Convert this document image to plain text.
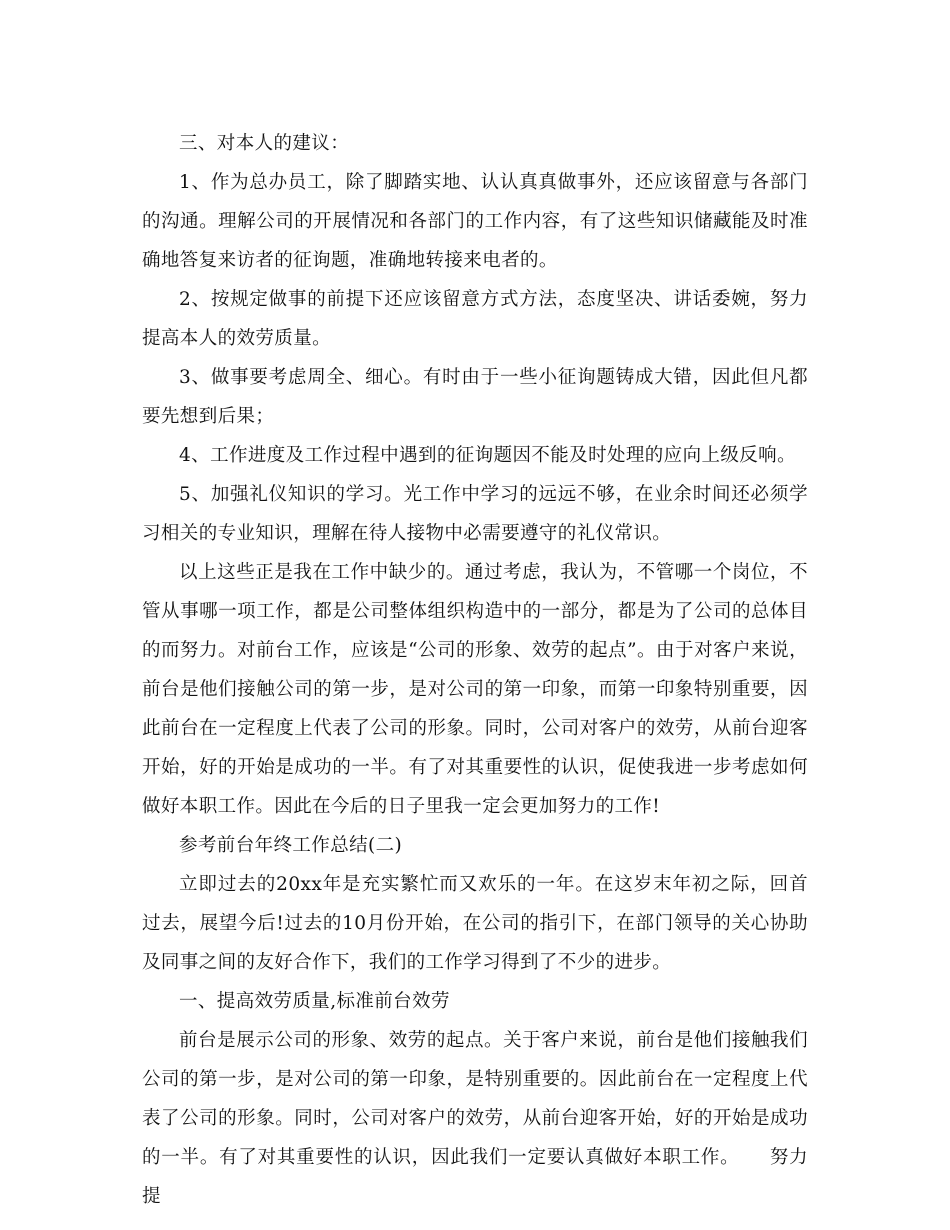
三、对本人的建议：

1、作为总办员工，除了脚踏实地、认认真真做事外，还应该留意与各部门的沟通。理解公司的开展情况和各部门的工作内容，有了这些知识储藏能及时准确地答复来访者的征询题，准确地转接来电者的。

2、按规定做事的前提下还应该留意方式方法，态度坚决、讲话委婉，努力提高本人的效劳质量。

3、做事要考虑周全、细心。有时由于一些小征询题铸成大错，因此但凡都要先想到后果；

4、工作进度及工作过程中遇到的征询题因不能及时处理的应向上级反响。

5、加强礼仪知识的学习。光工作中学习的远远不够，在业余时间还必须学习相关的专业知识，理解在待人接物中必需要遵守的礼仪常识。

以上这些正是我在工作中缺少的。通过考虑，我认为，不管哪一个岗位，不管从事哪一项工作，都是公司整体组织构造中的一部分，都是为了公司的总体目的而努力。对前台工作，应该是“公司的形象、效劳的起点”。由于对客户来说，前台是他们接触公司的第一步，是对公司的第一印象，而第一印象特别重要，因此前台在一定程度上代表了公司的形象。同时，公司对客户的效劳，从前台迎客开始，好的开始是成功的一半。有了对其重要性的认识，促使我进一步考虑如何做好本职工作。因此在今后的日子里我一定会更加努力的工作!

参考前台年终工作总结(二)

立即过去的20xx年是充实繁忙而又欢乐的一年。在这岁末年初之际，回首过去，展望今后!过去的10月份开始，在公司的指引下，在部门领导的关心协助及同事之间的友好合作下，我们的工作学习得到了不少的进步。

一、提高效劳质量,标准前台效劳

前台是展示公司的形象、效劳的起点。关于客户来说，前台是他们接触我们公司的第一步，是对公司的第一印象，是特别重要的。因此前台在一定程度上代表了公司的形象。同时，公司对客户的效劳，从前台迎客开始，好的开始是成功的一半。有了对其重要性的认识，因此我们一定要认真做好本职工作。 努力提
